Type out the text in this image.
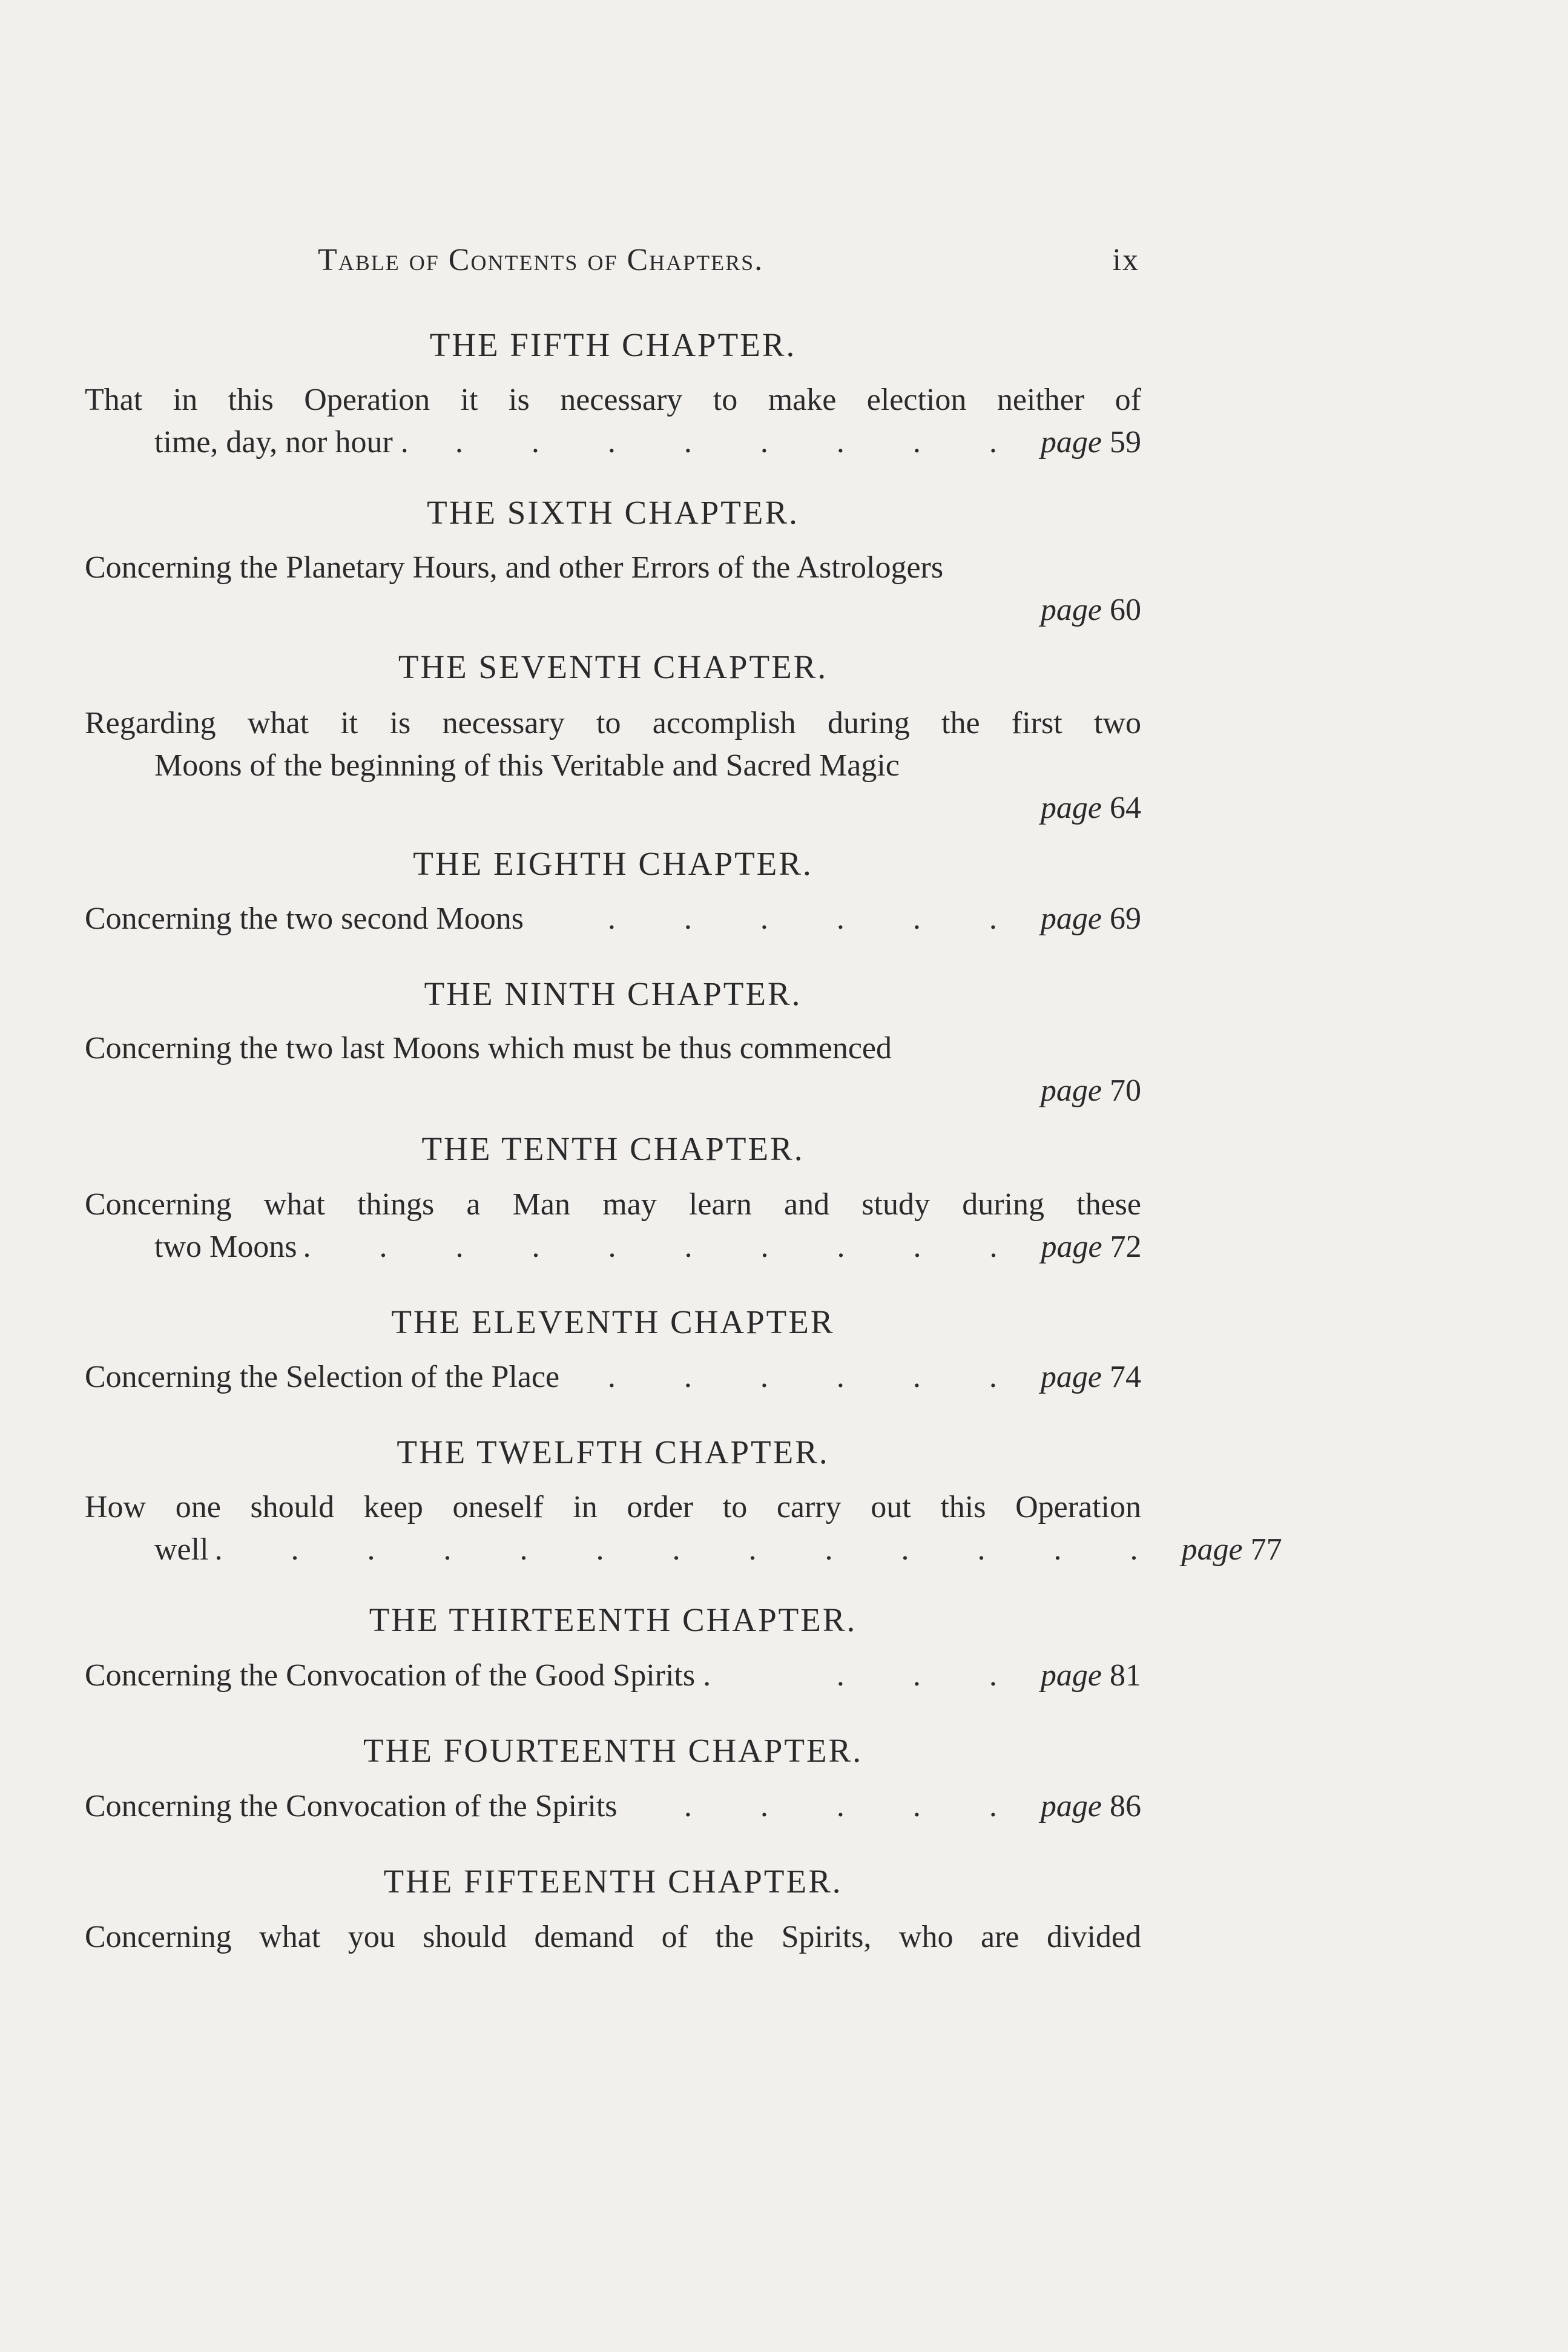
Table of Contents of Chapters.	ix
THE FIFTH CHAPTER.
That in this Operation it is necessary to make election neither of
time, day, nor hour .	. . . . . . . . page 59
THE SIXTH CHAPTER.
Concerning the Planetary Hours, and other Errors of the Astrologers
page 60
THE SEVENTH CHAPTER.
Regarding what it is necessary to accomplish during the first two
Moons of the beginning of this Veritable and Sacred Magic
page 64
THE EIGHTH CHAPTER.
Concerning the two second Moons	. . . . . . page 69
THE NINTH CHAPTER.
Concerning the two last Moons which must be thus commenced
page 70
THE TENTH CHAPTER.
Concerning what things a Man may learn and study during these
two Moons . . . . . . . . . . page 72
THE ELEVENTH CHAPTER
Concerning the Selection of the Place	. . . . . . page 74
THE TWELFTH CHAPTER.
How one should keep oneself in order to carry out this Operation
well . . . . . . . . . . . . . page 77
THE THIRTEENTH CHAPTER.
Concerning the Convocation of the Good Spirits .	. . . page 81
THE FOURTEENTH CHAPTER.
Concerning the Convocation of the Spirits	. . . . . page 86
THE FIFTEENTH CHAPTER.
Concerning what you should demand of the Spirits, who are divided
